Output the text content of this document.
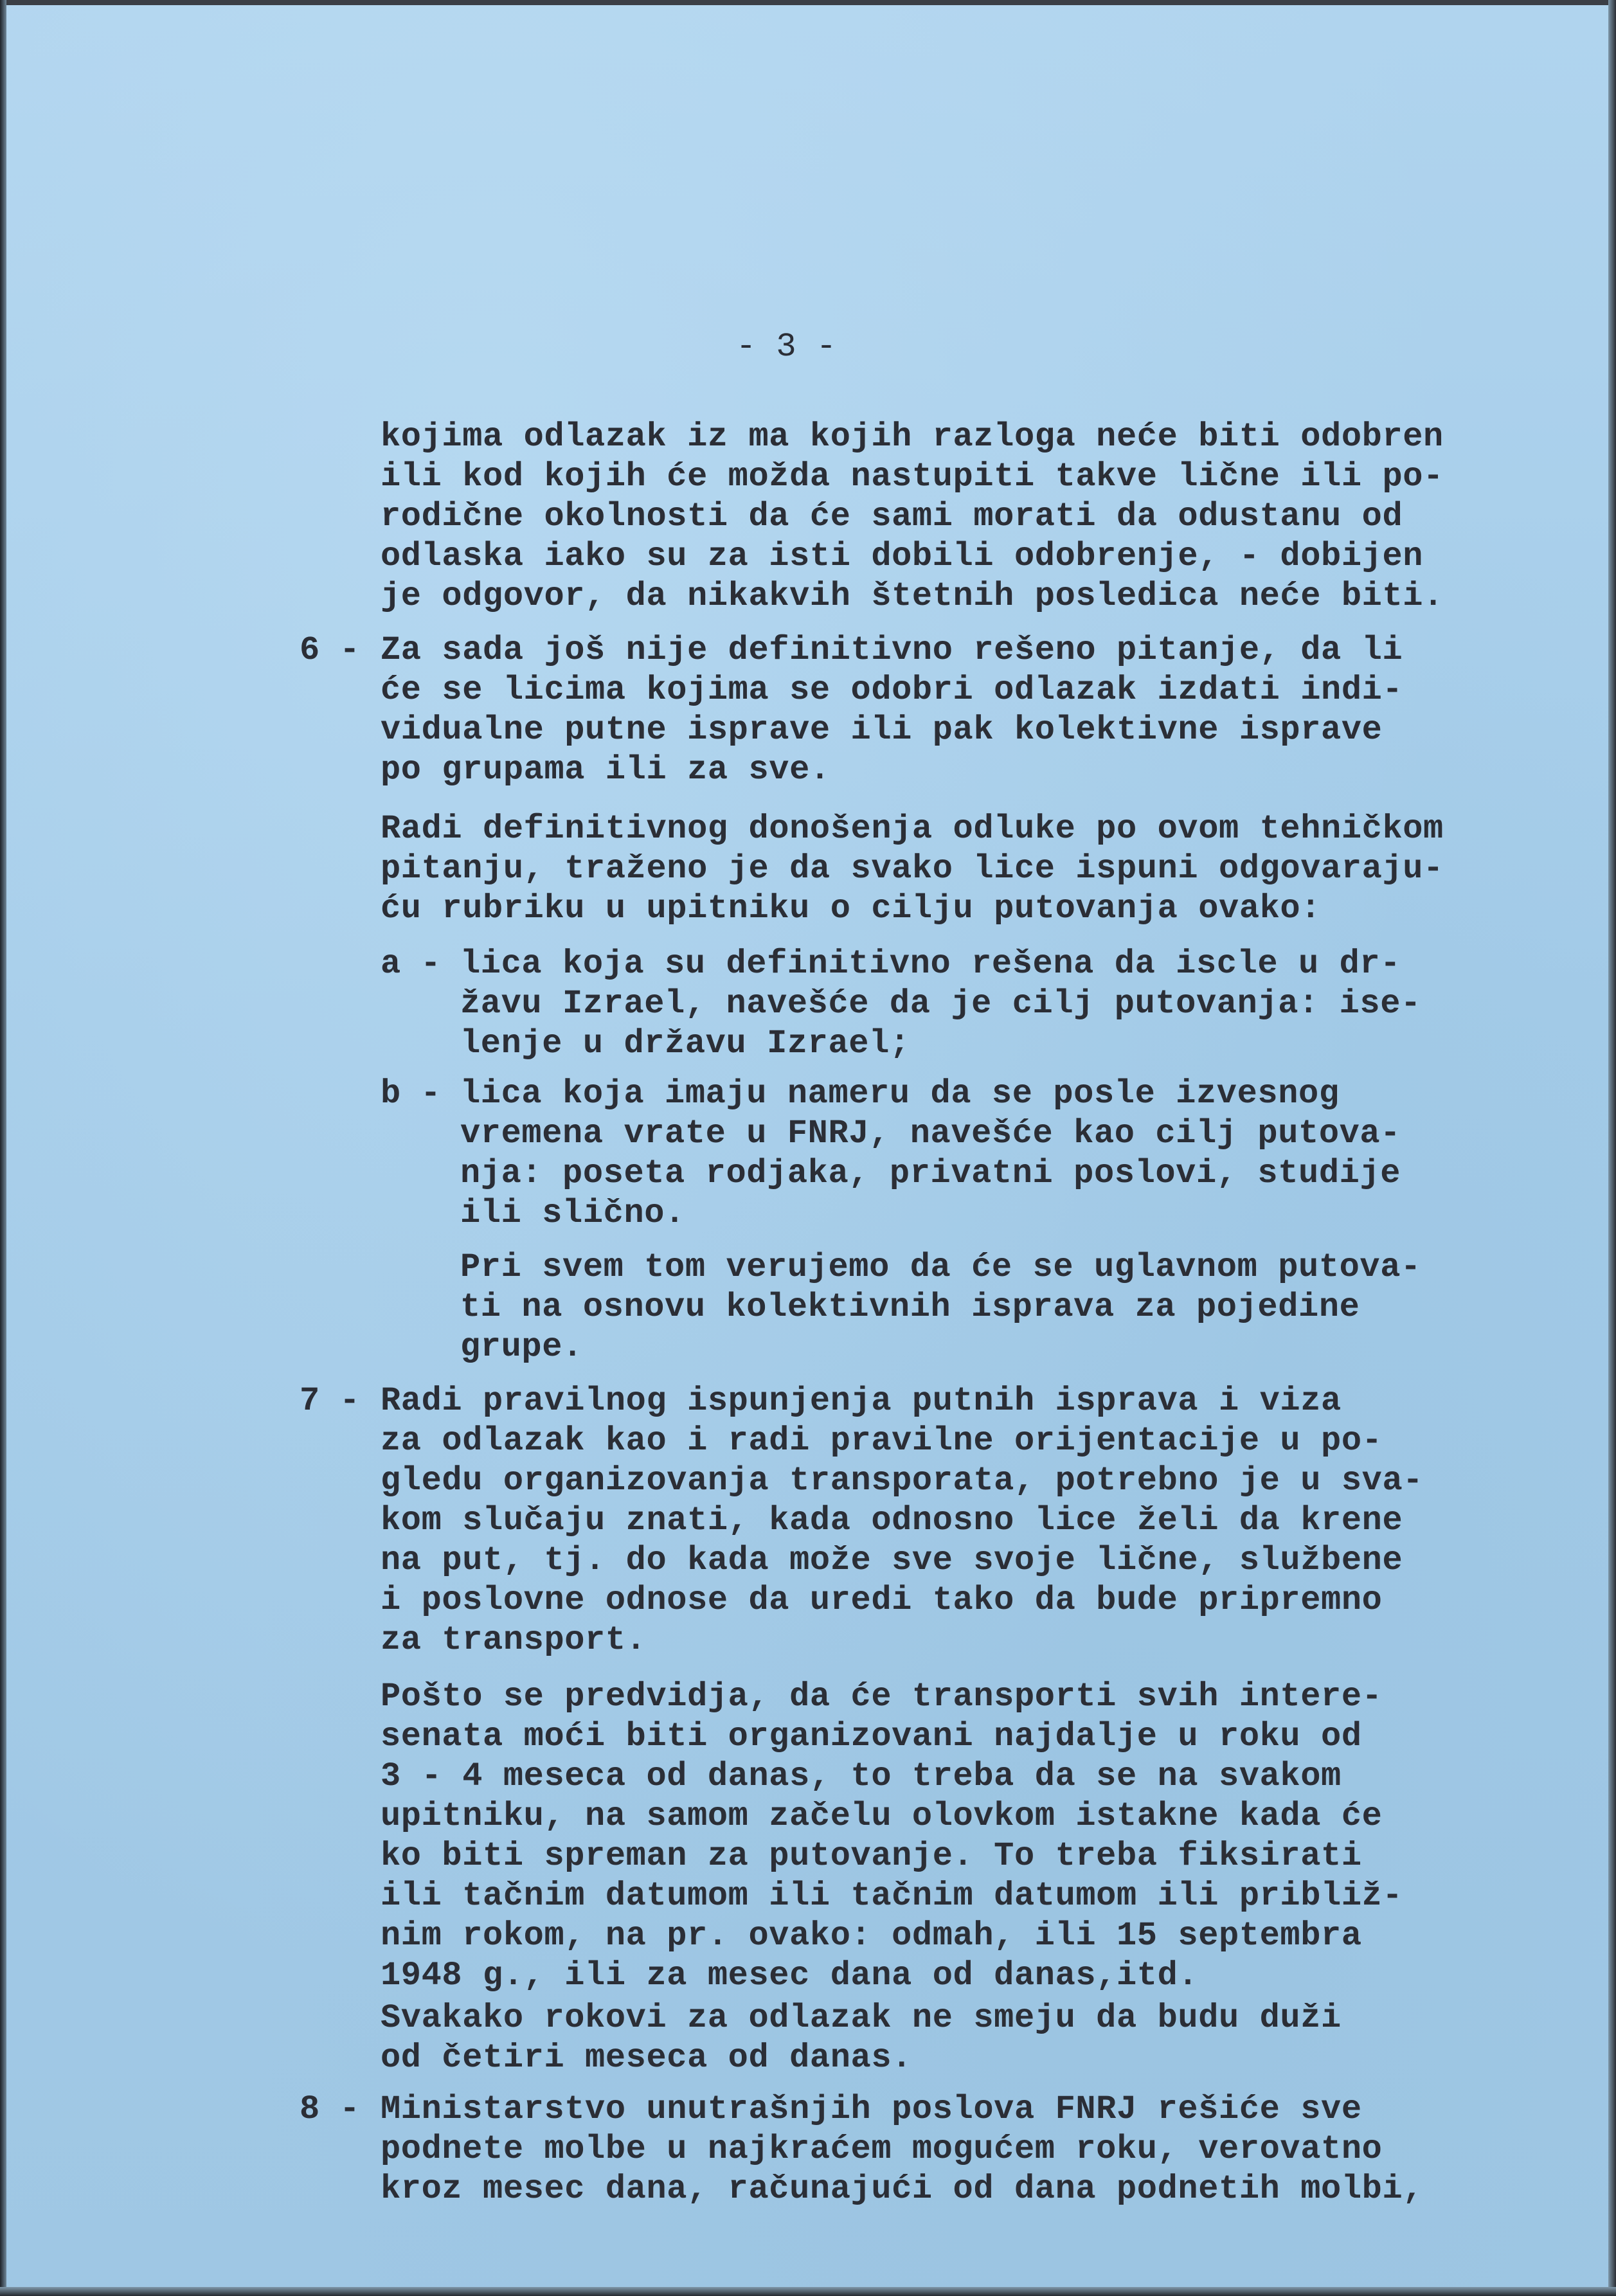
- 3 -
kojima odlazak iz ma kojih razloga neće biti odobren
ili kod kojih će možda nastupiti takve lične ili po-
rodične okolnosti da će sami morati da odustanu od
odlaska iako su za isti dobili odobrenje, - dobijen
je odgovor, da nikakvih štetnih posledica neće biti.
6 - Za sada još nije definitivno rešeno pitanje, da li
će se licima kojima se odobri odlazak izdati indi-
vidualne putne isprave ili pak kolektivne isprave
po grupama ili za sve.
Radi definitivnog donošenja odluke po ovom tehničkom
pitanju, traženo je da svako lice ispuni odgovaraju-
ću rubriku u upitniku o cilju putovanja ovako:
a - lica koja su definitivno rešena da iscle u dr-
žavu Izrael, navešće da je cilj putovanja: ise-
lenje u državu Izrael;
b - lica koja imaju nameru da se posle izvesnog
vremena vrate u FNRJ, navešće kao cilj putova-
nja: poseta rodjaka, privatni poslovi, studije
ili slično.
Pri svem tom verujemo da će se uglavnom putova-
ti na osnovu kolektivnih isprava za pojedine
grupe.
7 - Radi pravilnog ispunjenja putnih isprava i viza
za odlazak kao i radi pravilne orijentacije u po-
gledu organizovanja transporata, potrebno je u sva-
kom slučaju znati, kada odnosno lice želi da krene
na put, tj. do kada može sve svoje lične, službene
i poslovne odnose da uredi tako da bude pripremno
za transport.
Pošto se predvidja, da će transporti svih intere-
senata moći biti organizovani najdalje u roku od
3 - 4 meseca od danas, to treba da se na svakom
upitniku, na samom začelu olovkom istakne kada će
ko biti spreman za putovanje. To treba fiksirati
ili tačnim datumom ili tačnim datumom ili približ-
nim rokom, na pr. ovako: odmah, ili 15 septembra
1948 g., ili za mesec dana od danas,itd.
Svakako rokovi za odlazak ne smeju da budu duži
od četiri meseca od danas.
8 - Ministarstvo unutrašnjih poslova FNRJ rešiće sve
podnete molbe u najkraćem mogućem roku, verovatno
kroz mesec dana, računajući od dana podnetih molbi,
